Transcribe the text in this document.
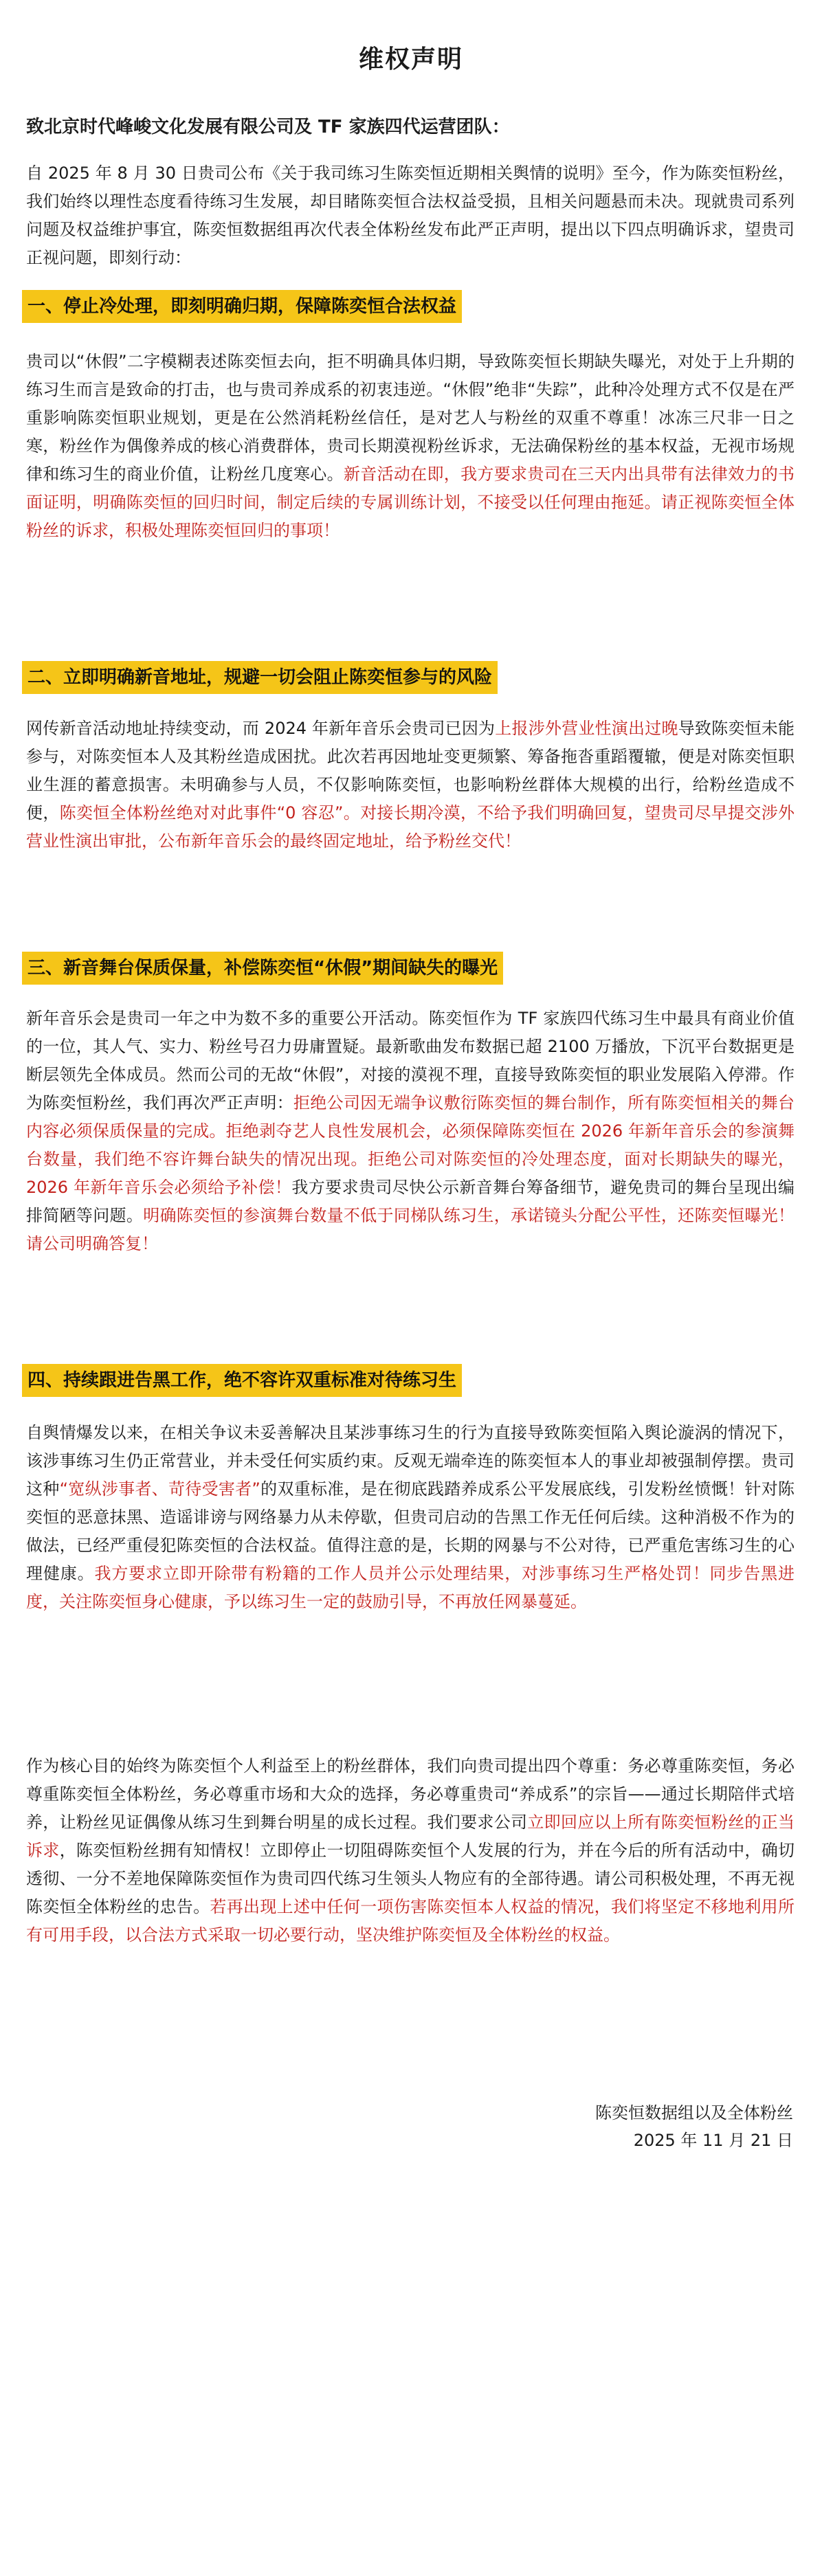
维权声明
致北京时代峰峻文化发展有限公司及 TF 家族四代运营团队：
自 2025 年 8 月 30 日贵司公布《关于我司练习生陈奕恒近期相关舆情的说明》至今，作为陈奕恒粉丝，我们始终以理性态度看待练习生发展，却目睹陈奕恒合法权益受损，且相关问题悬而未决。现就贵司系列问题及权益维护事宜，陈奕恒数据组再次代表全体粉丝发布此严正声明，提出以下四点明确诉求，望贵司正视问题，即刻行动：
一、停止冷处理，即刻明确归期，保障陈奕恒合法权益
贵司以“休假”二字模糊表述陈奕恒去向，拒不明确具体归期，导致陈奕恒长期缺失曝光，对处于上升期的练习生而言是致命的打击，也与贵司养成系的初衷违逆。“休假”绝非“失踪”，此种冷处理方式不仅是在严重影响陈奕恒职业规划，更是在公然消耗粉丝信任，是对艺人与粉丝的双重不尊重！冰冻三尺非一日之寒，粉丝作为偶像养成的核心消费群体，贵司长期漠视粉丝诉求，无法确保粉丝的基本权益，无视市场规律和练习生的商业价值，让粉丝几度寒心。新音活动在即，我方要求贵司在三天内出具带有法律效力的书面证明，明确陈奕恒的回归时间，制定后续的专属训练计划，不接受以任何理由拖延。请正视陈奕恒全体粉丝的诉求，积极处理陈奕恒回归的事项！
二、立即明确新音地址，规避一切会阻止陈奕恒参与的风险
网传新音活动地址持续变动，而 2024 年新年音乐会贵司已因为上报涉外营业性演出过晚导致陈奕恒未能参与，对陈奕恒本人及其粉丝造成困扰。此次若再因地址变更频繁、筹备拖沓重蹈覆辙，便是对陈奕恒职业生涯的蓄意损害。未明确参与人员，不仅影响陈奕恒，也影响粉丝群体大规模的出行，给粉丝造成不便，陈奕恒全体粉丝绝对对此事件“0 容忍”。对接长期冷漠，不给予我们明确回复，望贵司尽早提交涉外营业性演出审批，公布新年音乐会的最终固定地址，给予粉丝交代！
三、新音舞台保质保量，补偿陈奕恒“休假”期间缺失的曝光
新年音乐会是贵司一年之中为数不多的重要公开活动。陈奕恒作为 TF 家族四代练习生中最具有商业价值的一位，其人气、实力、粉丝号召力毋庸置疑。最新歌曲发布数据已超 2100 万播放，下沉平台数据更是断层领先全体成员。然而公司的无故“休假”，对接的漠视不理，直接导致陈奕恒的职业发展陷入停滞。作为陈奕恒粉丝，我们再次严正声明：拒绝公司因无端争议敷衍陈奕恒的舞台制作，所有陈奕恒相关的舞台内容必须保质保量的完成。拒绝剥夺艺人良性发展机会，必须保障陈奕恒在 2026 年新年音乐会的参演舞台数量，我们绝不容许舞台缺失的情况出现。拒绝公司对陈奕恒的冷处理态度，面对长期缺失的曝光，2026 年新年音乐会必须给予补偿！我方要求贵司尽快公示新音舞台筹备细节，避免贵司的舞台呈现出编排简陋等问题。明确陈奕恒的参演舞台数量不低于同梯队练习生，承诺镜头分配公平性，还陈奕恒曝光！请公司明确答复！
四、持续跟进告黑工作，绝不容许双重标准对待练习生
自舆情爆发以来，在相关争议未妥善解决且某涉事练习生的行为直接导致陈奕恒陷入舆论漩涡的情况下，该涉事练习生仍正常营业，并未受任何实质约束。反观无端牵连的陈奕恒本人的事业却被强制停摆。贵司这种“宽纵涉事者、苛待受害者”的双重标准，是在彻底践踏养成系公平发展底线，引发粉丝愤慨！针对陈奕恒的恶意抹黑、造谣诽谤与网络暴力从未停歇，但贵司启动的告黑工作无任何后续。这种消极不作为的做法，已经严重侵犯陈奕恒的合法权益。值得注意的是，长期的网暴与不公对待，已严重危害练习生的心理健康。我方要求立即开除带有粉籍的工作人员并公示处理结果，对涉事练习生严格处罚！同步告黑进度，关注陈奕恒身心健康，予以练习生一定的鼓励引导，不再放任网暴蔓延。
作为核心目的始终为陈奕恒个人利益至上的粉丝群体，我们向贵司提出四个尊重：务必尊重陈奕恒，务必尊重陈奕恒全体粉丝，务必尊重市场和大众的选择，务必尊重贵司“养成系”的宗旨——通过长期陪伴式培养，让粉丝见证偶像从练习生到舞台明星的成长过程。我们要求公司立即回应以上所有陈奕恒粉丝的正当诉求，陈奕恒粉丝拥有知情权！立即停止一切阻碍陈奕恒个人发展的行为，并在今后的所有活动中，确切透彻、一分不差地保障陈奕恒作为贵司四代练习生领头人物应有的全部待遇。请公司积极处理，不再无视陈奕恒全体粉丝的忠告。若再出现上述中任何一项伤害陈奕恒本人权益的情况，我们将坚定不移地利用所有可用手段，以合法方式采取一切必要行动，坚决维护陈奕恒及全体粉丝的权益。
陈奕恒数据组以及全体粉丝
2025 年 11 月 21 日
